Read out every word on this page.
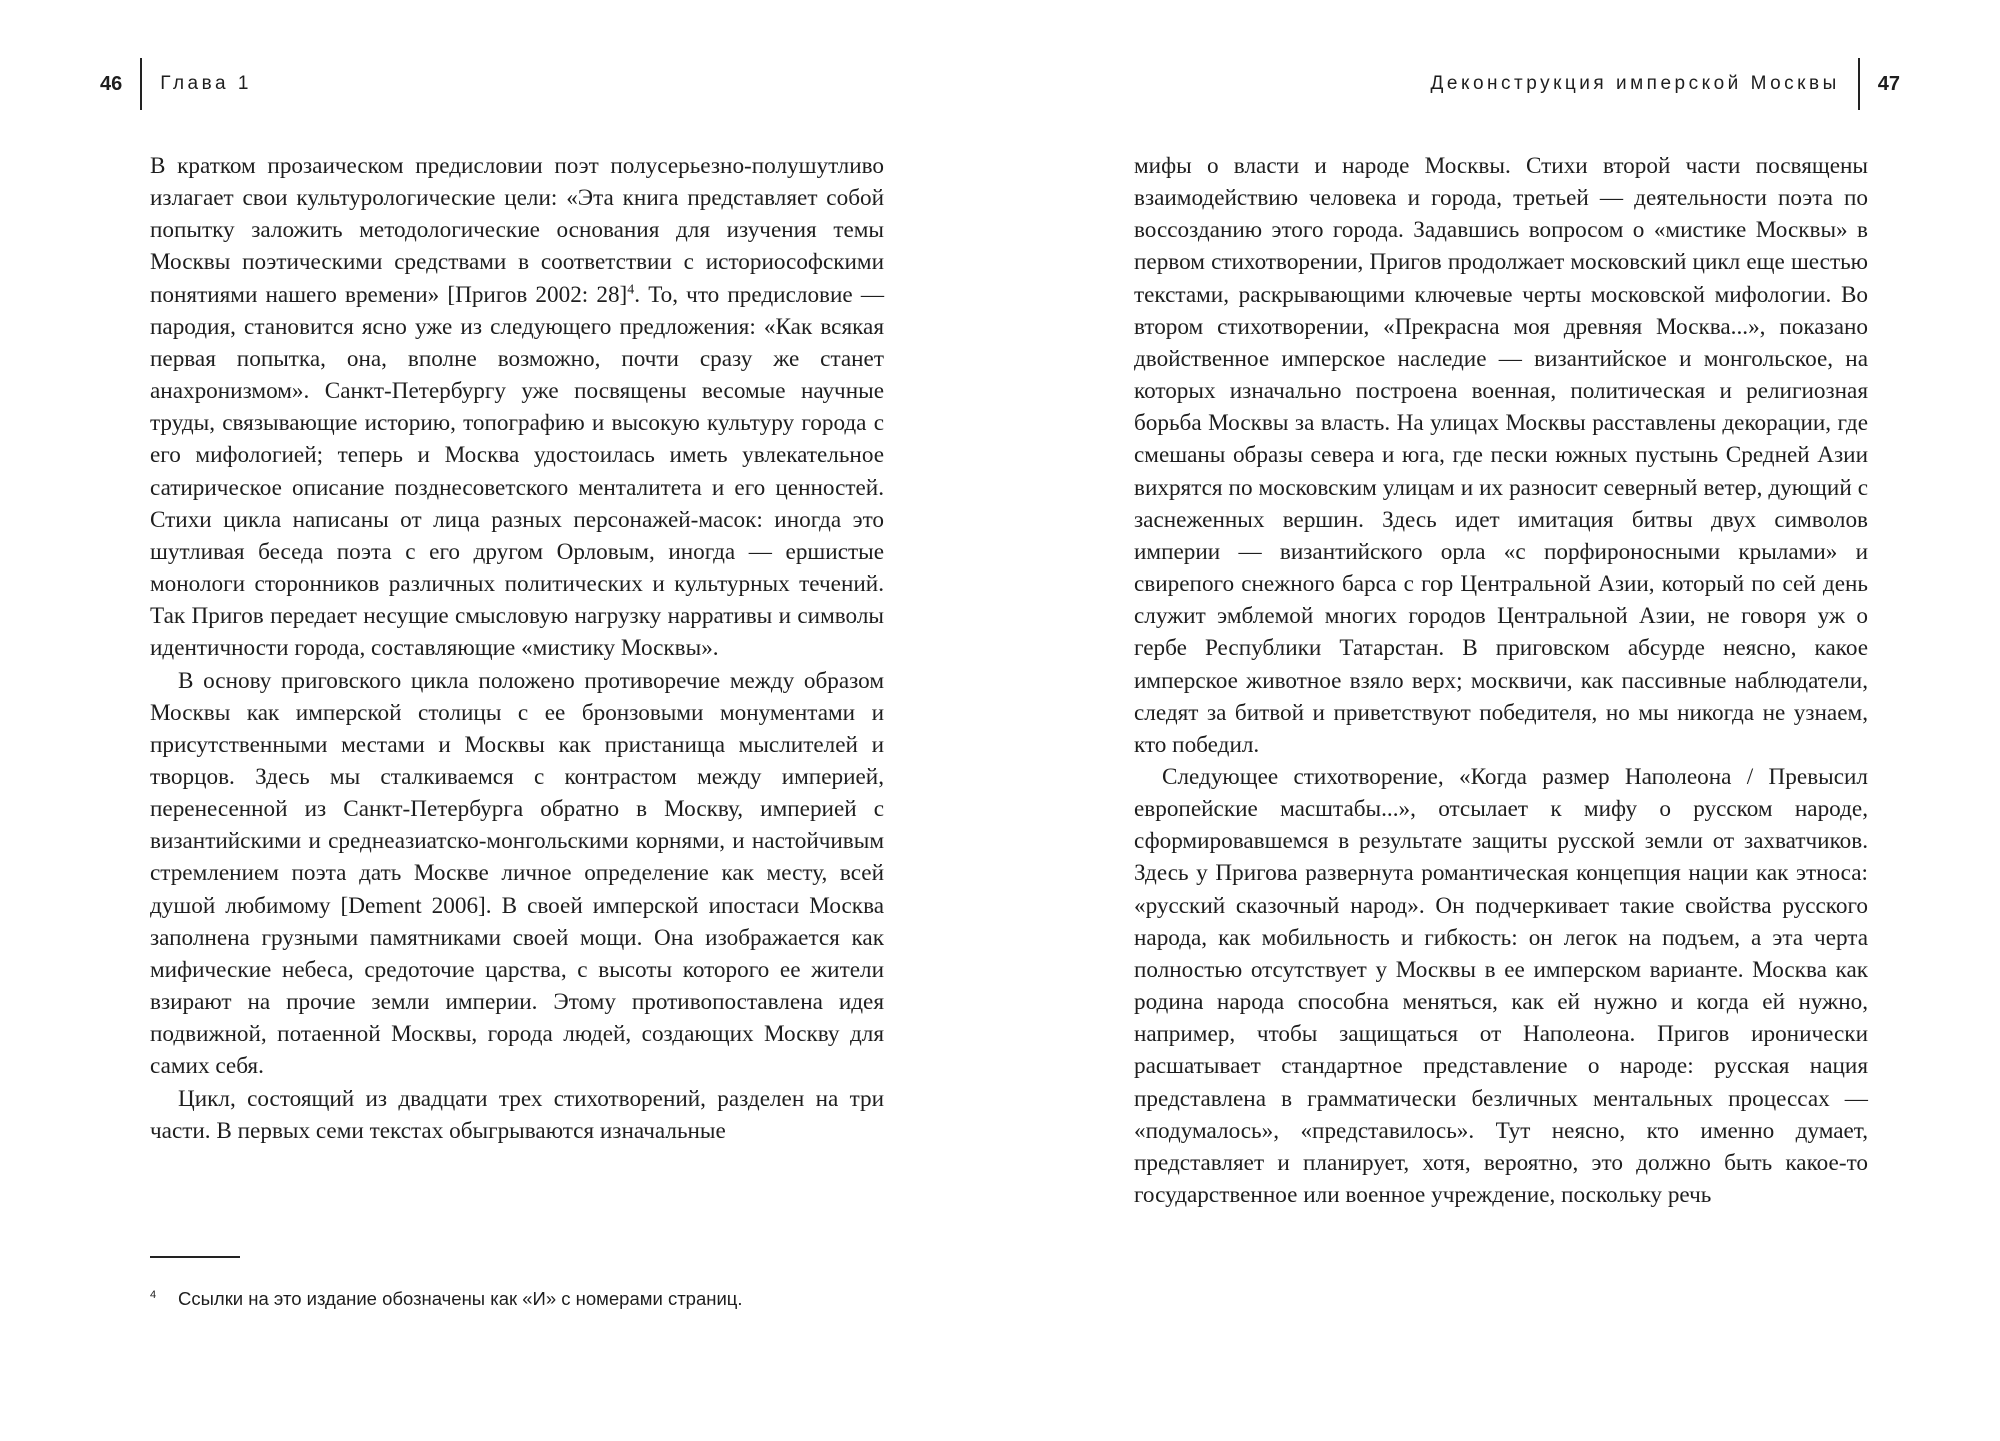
46 Глава 1

В кратком прозаическом предисловии поэт полусерьезно-полушутливо излагает свои культурологические цели: «Эта книга представляет собой попытку заложить методологические основания для изучения темы Москвы поэтическими средствами в соответствии с историософскими понятиями нашего времени» [Пригов 2002: 28]$^4$. То, что предисловие — пародия, становится ясно уже из следующего предложения: «Как всякая первая попытка, она, вполне возможно, почти сразу же станет анахронизмом». Санкт-Петербургу уже посвящены весомые научные труды, связывающие историю, топографию и высокую культуру города с его мифологией; теперь и Москва удостоилась иметь увлекательное сатирическое описание позднесоветского менталитета и его ценностей. Стихи цикла написаны от лица разных персонажей-масок: иногда это шутливая беседа поэта с его другом Орловым, иногда — ершистые монологи сторонников различных политических и культурных течений. Так Пригов передает несущие смысловую нагрузку нарративы и символы идентичности города, составляющие «мистику Москвы».

В основу приговского цикла положено противоречие между образом Москвы как имперской столицы с ее бронзовыми монументами и присутственными местами и Москвы как пристанища мыслителей и творцов. Здесь мы сталкиваемся с контрастом между империей, перенесенной из Санкт-Петербурга обратно в Москву, империей с византийскими и среднеазиатско-монгольскими корнями, и настойчивым стремлением поэта дать Москве личное определение как месту, всей душой любимому [Dement 2006]. В своей имперской ипостаси Москва заполнена грузными памятниками своей мощи. Она изображается как мифические небеса, средоточие царства, с высоты которого ее жители взирают на прочие земли империи. Этому противопоставлена идея подвижной, потаенной Москвы, города людей, создающих Москву для самих себя.

Цикл, состоящий из двадцати трех стихотворений, разделен на три части. В первых семи текстах обыгрываются изначальные

4 Ссылки на это издание обозначены как «И» с номерами страниц.
Деконструкция имперской Москвы 47

мифы о власти и народе Москвы. Стихи второй части посвящены взаимодействию человека и города, третьей — деятельности поэта по воссозданию этого города. Задавшись вопросом о «мистике Москвы» в первом стихотворении, Пригов продолжает московский цикл еще шестью текстами, раскрывающими ключевые черты московской мифологии. Во втором стихотворении, «Прекрасна моя древняя Москва...», показано двойственное имперское наследие — византийское и монгольское, на которых изначально построена военная, политическая и религиозная борьба Москвы за власть. На улицах Москвы расставлены декорации, где смешаны образы севера и юга, где пески южных пустынь Средней Азии вихрятся по московским улицам и их разносит северный ветер, дующий с заснеженных вершин. Здесь идет имитация битвы двух символов империи — византийского орла «с порфироносными крылами» и свирепого снежного барса с гор Центральной Азии, который по сей день служит эмблемой многих городов Центральной Азии, не говоря уж о гербе Республики Татарстан. В приговском абсурде неясно, какое имперское животное взяло верх; москвичи, как пассивные наблюдатели, следят за битвой и приветствуют победителя, но мы никогда не узнаем, кто победил.

Следующее стихотворение, «Когда размер Наполеона / Превысил европейские масштабы...», отсылает к мифу о русском народе, сформировавшемся в результате защиты русской земли от захватчиков. Здесь у Пригова развернута романтическая концепция нации как этноса: «русский сказочный народ». Он подчеркивает такие свойства русского народа, как мобильность и гибкость: он легок на подъем, а эта черта полностью отсутствует у Москвы в ее имперском варианте. Москва как родина народа способна меняться, как ей нужно и когда ей нужно, например, чтобы защищаться от Наполеона. Пригов иронически расшатывает стандартное представление о народе: русская нация представлена в грамматически безличных ментальных процессах — «подумалось», «представилось». Тут неясно, кто именно думает, представляет и планирует, хотя, вероятно, это должно быть какое-то государственное или военное учреждение, поскольку речь
